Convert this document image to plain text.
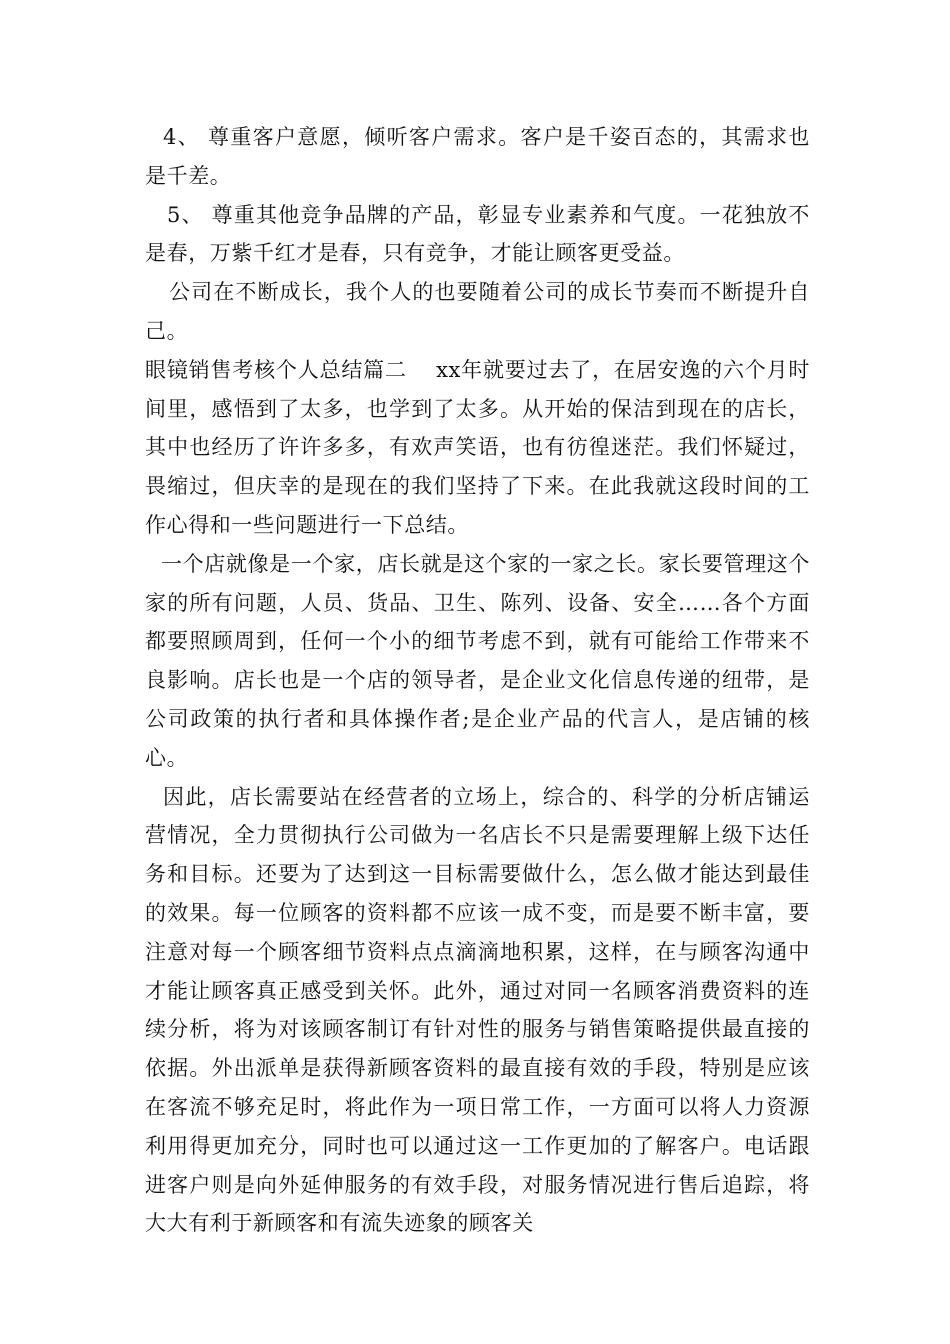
4、 尊重客户意愿，倾听客户需求。客户是千姿百态的，其需求也是千差。

5、 尊重其他竞争品牌的产品，彰显专业素养和气度。一花独放不是春，万紫千红才是春，只有竞争，才能让顾客更受益。

公司在不断成长，我个人的也要随着公司的成长节奏而不断提升自己。

眼镜销售考核个人总结篇二　 xx年就要过去了，在居安逸的六个月时间里，感悟到了太多，也学到了太多。从开始的保洁到现在的店长，其中也经历了许许多多，有欢声笑语，也有彷徨迷茫。我们怀疑过，畏缩过，但庆幸的是现在的我们坚持了下来。在此我就这段时间的工作心得和一些问题进行一下总结。

一个店就像是一个家，店长就是这个家的一家之长。家长要管理这个家的所有问题，人员、货品、卫生、陈列、设备、安全……各个方面都要照顾周到，任何一个小的细节考虑不到，就有可能给工作带来不良影响。店长也是一个店的领导者，是企业文化信息传递的纽带，是公司政策的执行者和具体操作者;是企业产品的代言人，是店铺的核心。

因此，店长需要站在经营者的立场上，综合的、科学的分析店铺运营情况，全力贯彻执行公司做为一名店长不只是需要理解上级下达任务和目标。还要为了达到这一目标需要做什么，怎么做才能达到最佳的效果。每一位顾客的资料都不应该一成不变，而是要不断丰富，要注意对每一个顾客细节资料点点滴滴地积累，这样，在与顾客沟通中才能让顾客真正感受到关怀。此外，通过对同一名顾客消费资料的连续分析，将为对该顾客制订有针对性的服务与销售策略提供最直接的依据。外出派单是获得新顾客资料的最直接有效的手段，特别是应该在客流不够充足时，将此作为一项日常工作，一方面可以将人力资源利用得更加充分，同时也可以通过这一工作更加的了解客户。电话跟进客户则是向外延伸服务的有效手段，对服务情况进行售后追踪，将大大有利于新顾客和有流失迹象的顾客关
